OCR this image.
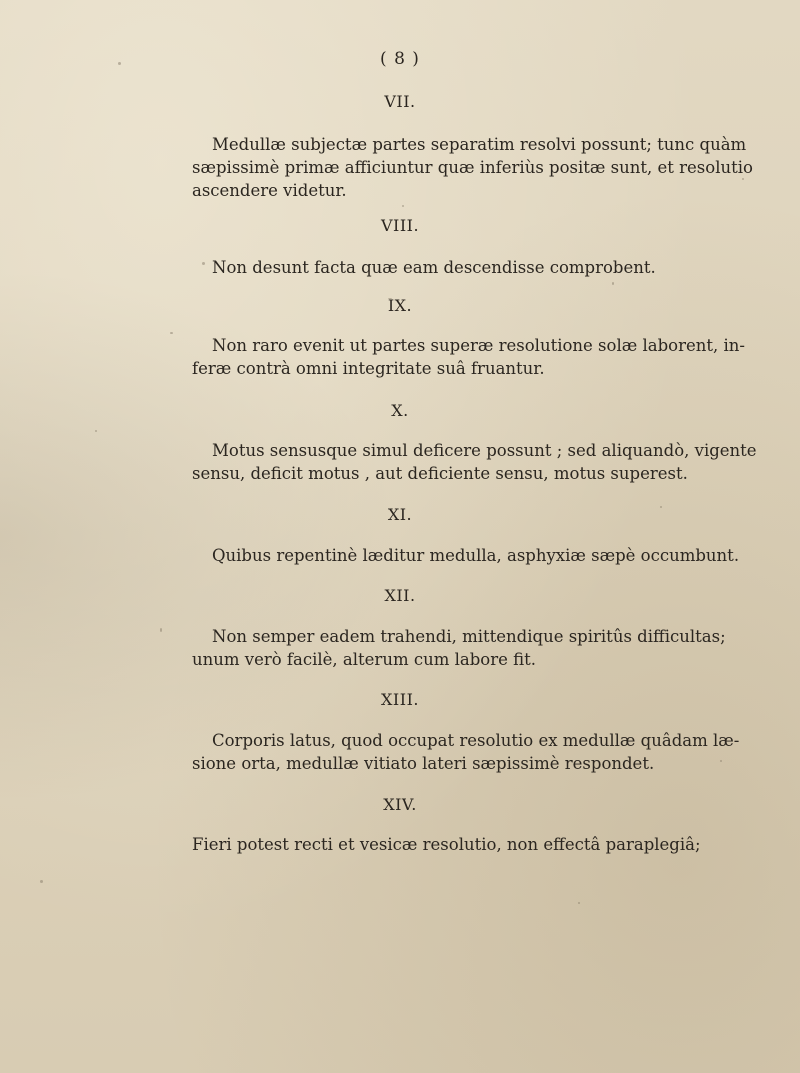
( 8 )
VII.
Medullæ subjectæ partes separatim resolvi possunt; tunc quàm
sæpissimè primæ afficiuntur quæ inferiùs positæ sunt, et resolutio
ascendere videtur.
VIII.
Non desunt facta quæ eam descendisse comprobent.
IX.
Non raro evenit ut partes superæ resolutione solæ laborent, in-
feræ contrà omni integritate suâ fruantur.
X.
Motus sensusque simul deficere possunt ; sed aliquandò, vigente
sensu, deficit motus , aut deficiente sensu, motus superest.
XI.
Quibus repentinè læditur medulla, asphyxiæ sæpè occumbunt.
XII.
Non semper eadem trahendi, mittendique spiritûs difficultas;
unum verò facilè, alterum cum labore fit.
XIII.
Corporis latus, quod occupat resolutio ex medullæ quâdam læ-
sione orta, medullæ vitiato lateri sæpissimè respondet.
XIV.
Fieri potest recti et vesicæ resolutio, non effectâ paraplegiâ;
